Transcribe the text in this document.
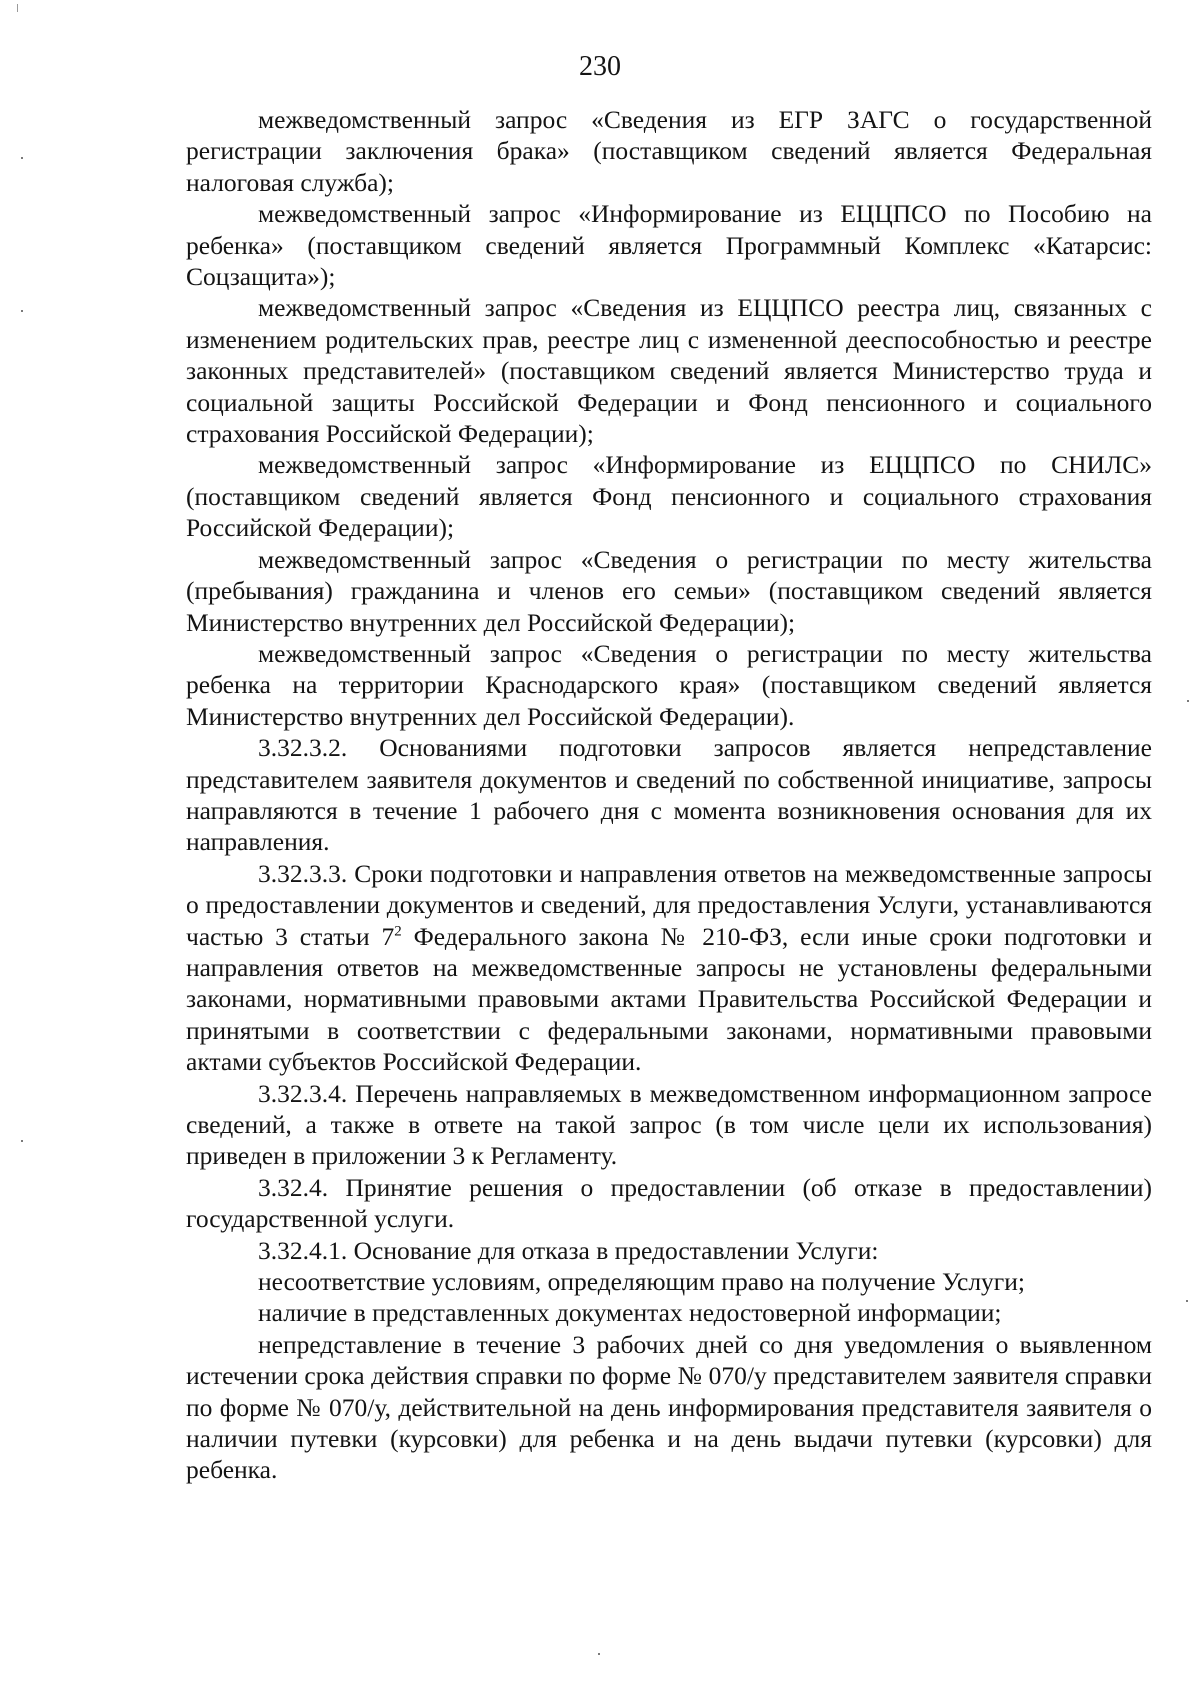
230

межведомственный запрос «Сведения из ЕГР ЗАГС о государственной регистрации заключения брака» (поставщиком сведений является Федеральная налоговая служба);

межведомственный запрос «Информирование из ЕЦЦПСО по Пособию на ребенка» (поставщиком сведений является Программный Комплекс «Катарсис: Соцзащита»);

межведомственный запрос «Сведения из ЕЦЦПСО реестра лиц, связанных с изменением родительских прав, реестре лиц с измененной дееспособностью и реестре законных представителей» (поставщиком сведений является Министерство труда и социальной защиты Российской Федерации и Фонд пенсионного и социального страхования Российской Федерации);

межведомственный запрос «Информирование из ЕЦЦПСО по СНИЛС» (поставщиком сведений является Фонд пенсионного и социального страхования Российской Федерации);

межведомственный запрос «Сведения о регистрации по месту жительства (пребывания) гражданина и членов его семьи» (поставщиком сведений является Министерство внутренних дел Российской Федерации);

межведомственный запрос «Сведения о регистрации по месту жительства ребенка на территории Краснодарского края» (поставщиком сведений является Министерство внутренних дел Российской Федерации).

3.32.3.2. Основаниями подготовки запросов является непредставление представителем заявителя документов и сведений по собственной инициативе, запросы направляются в течение 1 рабочего дня с момента возникновения основания для их направления.

3.32.3.3. Сроки подготовки и направления ответов на межведомственные запросы о предоставлении документов и сведений, для предоставления Услуги, устанавливаются частью 3 статьи $7^2$ Федерального закона № 210-ФЗ, если иные сроки подготовки и направления ответов на межведомственные запросы не установлены федеральными законами, нормативными правовыми актами Правительства Российской Федерации и принятыми в соответствии с федеральными законами, нормативными правовыми актами субъектов Российской Федерации.

3.32.3.4. Перечень направляемых в межведомственном информационном запросе сведений, а также в ответе на такой запрос (в том числе цели их использования) приведен в приложении 3 к Регламенту.

3.32.4. Принятие решения о предоставлении (об отказе в предоставлении) государственной услуги.

3.32.4.1. Основание для отказа в предоставлении Услуги:

несоответствие условиям, определяющим право на получение Услуги;

наличие в представленных документах недостоверной информации;

непредставление в течение 3 рабочих дней со дня уведомления о выявленном истечении срока действия справки по форме № 070/у представителем заявителя справки по форме № 070/у, действительной на день информирования представителя заявителя о наличии путевки (курсовки) для ребенка и на день выдачи путевки (курсовки) для ребенка.
